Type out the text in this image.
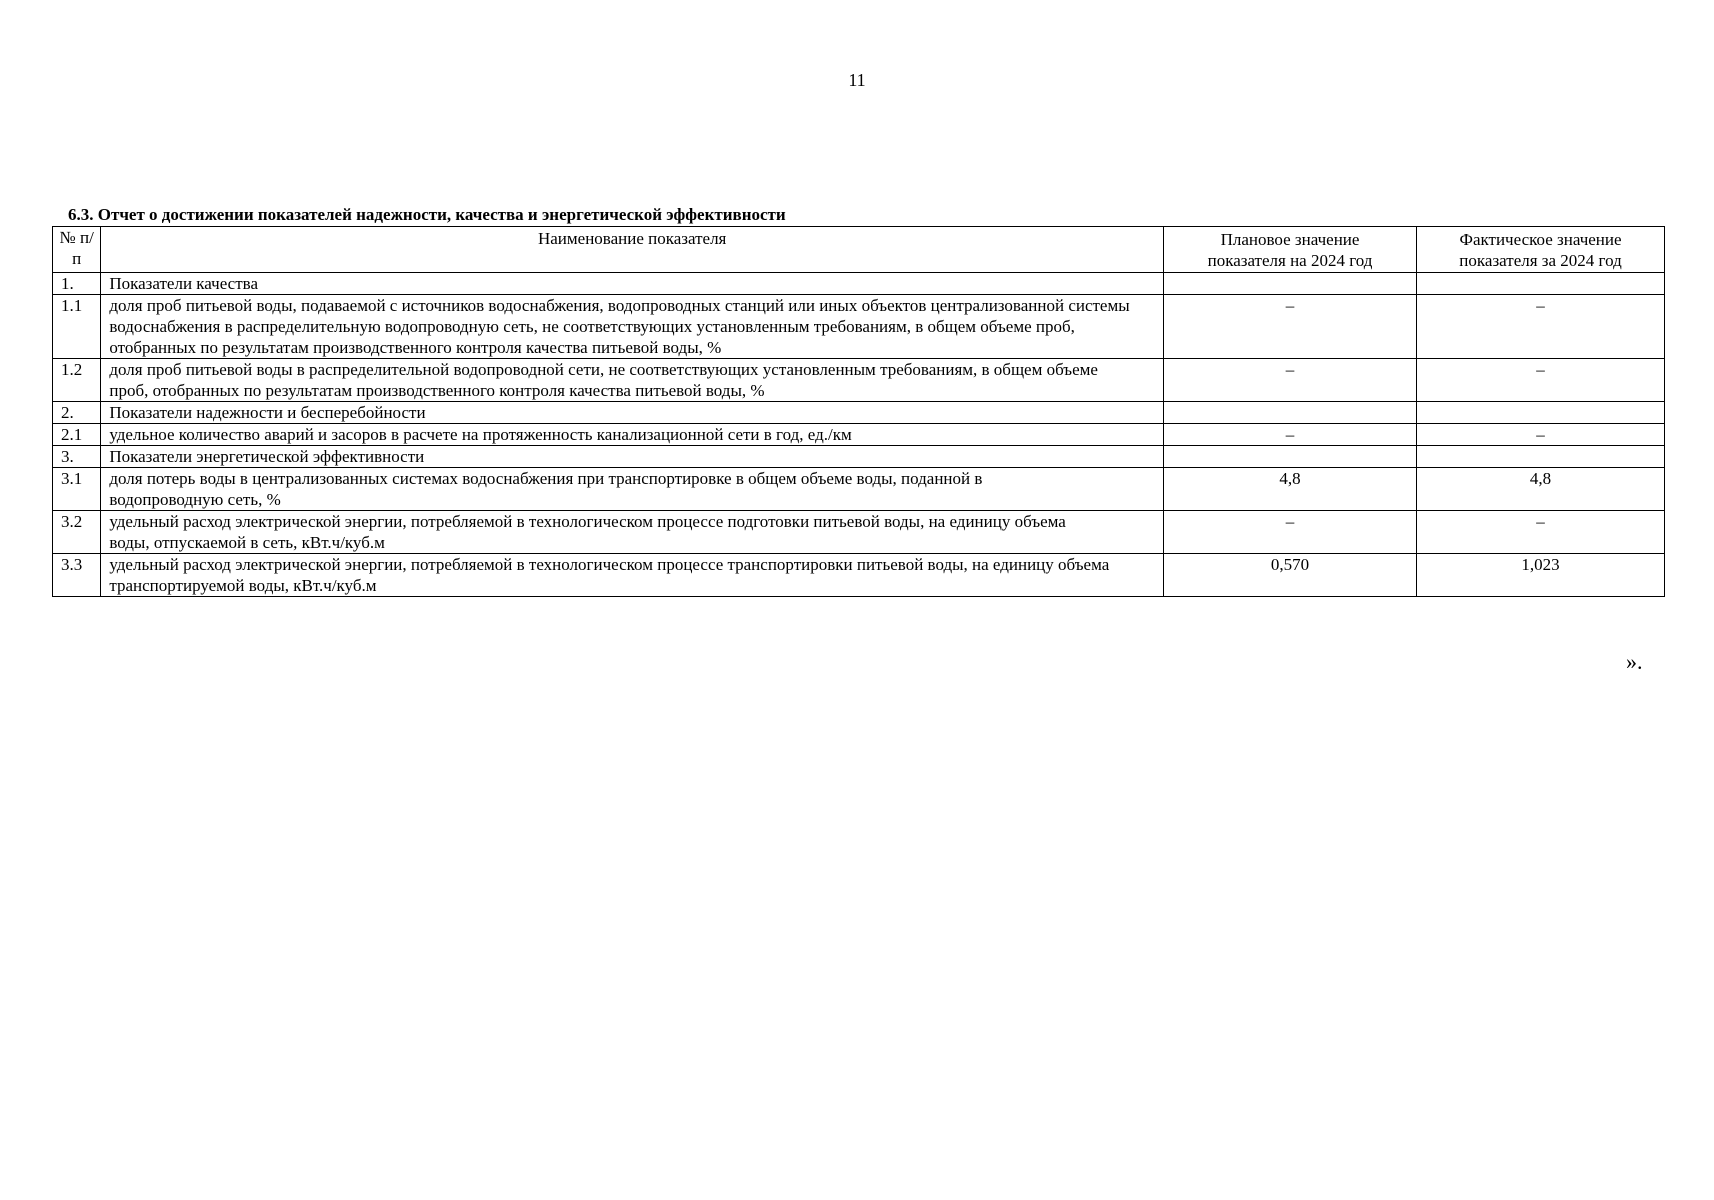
11
6.3. Отчет о достижении показателей надежности, качества и энергетической эффективности
№ п/п	Наименование показателя	Плановое значение показателя на 2024 год	Фактическое значение показателя за 2024 год
1.	Показатели качества		
1.1	доля проб питьевой воды, подаваемой с источников водоснабжения, водопроводных станций или иных объектов централизованной системы водоснабжения в распределительную водопроводную сеть, не соответствующих установленным требованиям, в общем объеме проб, отобранных по результатам производственного контроля качества питьевой воды, %	–	–
1.2	доля проб питьевой воды в распределительной водопроводной сети, не соответствующих установленным требованиям, в общем объеме проб, отобранных по результатам производственного контроля качества питьевой воды, %	–	–
2.	Показатели надежности и бесперебойности		
2.1	удельное количество аварий и засоров в расчете на протяженность канализационной сети в год, ед./км	–	–
3.	Показатели энергетической эффективности		
3.1	доля потерь воды в централизованных системах водоснабжения при транспортировке в общем объеме воды, поданной в водопроводную сеть, %	4,8	4,8
3.2	удельный расход электрической энергии, потребляемой в технологическом процессе подготовки питьевой воды, на единицу объема воды, отпускаемой в сеть, кВт.ч/куб.м	–	–
3.3	удельный расход электрической энергии, потребляемой в технологическом процессе транспортировки питьевой воды, на единицу объема транспортируемой воды, кВт.ч/куб.м	0,570	1,023
».
